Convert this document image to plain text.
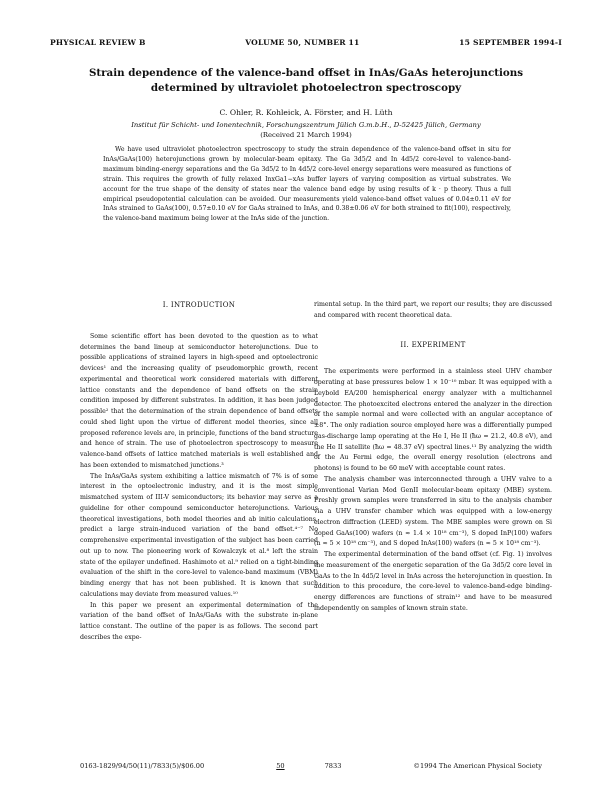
PHYSICAL REVIEW B	VOLUME 50, NUMBER 11	15 SEPTEMBER 1994-I
Strain dependence of the valence-band offset in InAs/GaAs heterojunctions
determined by ultraviolet photoelectron spectroscopy
C. Ohler, R. Kohleick, A. Förster, and H. Lüth
Institut für Schicht- und Ionentechnik, Forschungszentrum Jülich G.m.b.H., D-52425 Jülich, Germany
(Received 21 March 1994)

We have used ultraviolet photoelectron spectroscopy to study the strain dependence of the valence-band offset in situ for InAs/GaAs(100) heterojunctions grown by molecular-beam epitaxy. The Ga 3d5/2 and In 4d5/2 core-level to valence-band-maximum binding-energy separations and the Ga 3d5/2 to In 4d5/2 core-level energy separations were measured as functions of strain. This requires the growth of fully relaxed InxGa1−xAs buffer layers of varying composition as virtual substrates. We account for the true shape of the density of states near the valence band edge by using results of k · p theory. Thus a full empirical pseudopotential calculation can be avoided. Our measurements yield valence-band offset values of 0.04±0.11 eV for InAs strained to GaAs(100), 0.57±0.10 eV for GaAs strained to InAs, and 0.38±0.06 eV for both strained to fit(100), respectively, the valence-band maximum being lower at the InAs side of the junction.

I. INTRODUCTION

Some scientific effort has been devoted to the question as to what determines the band lineup at semiconductor heterojunctions. Due to possible applications of strained layers in high-speed and optoelectronic devices¹ and the increasing quality of pseudomorphic growth, recent experimental and theoretical work considered materials with different lattice constants and the dependence of band offsets on the strain condition imposed by different substrates. In addition, it has been judged possible² that the determination of the strain dependence of band offsets could shed light upon the virtue of different model theories, since all proposed reference levels are, in principle, functions of the band structure and hence of strain. The use of photoelectron spectroscopy to measure valence-band offsets of lattice matched materials is well established and has been extended to mismatched junctions.³

The InAs/GaAs system exhibiting a lattice mismatch of 7% is of some interest in the optoelectronic industry, and it is the most simple mismatched system of III-V semiconductors; its behavior may serve as a guideline for other compound semiconductor heterojunctions. Various theoretical investigations, both model theories and ab initio calculations, predict a large strain-induced variation of the band offset.⁴⁻⁷ No comprehensive experimental investigation of the subject has been carried out up to now. The pioneering work of Kowalczyk et al.⁸ left the strain state of the epilayer undefined. Hashimoto et al.⁹ relied on a tight-binding evaluation of the shift in the core-level to valence-band maximum (VBM) binding energy that has not been published. It is known that such calculations may deviate from measured values.¹⁰

In this paper we present an experimental determination of the variation of the band offset of InAs/GaAs with the substrate in-plane lattice constant. The outline of the paper is as follows. The second part describes the expe-

rimental setup. In the third part, we report our results; they are discussed and compared with recent theoretical data.

II. EXPERIMENT

The experiments were performed in a stainless steel UHV chamber operating at base pressures below 1 × 10⁻¹⁰ mbar. It was equipped with a Leybold EA/200 hemispherical energy analyzer with a multichannel detector. The photoexcited electrons entered the analyzer in the direction of the sample normal and were collected with an angular acceptance of ±8°. The only radiation source employed here was a differentially pumped gas-discharge lamp operating at the He I, He II (ħω = 21.2, 40.8 eV), and the He II satellite (ħω = 48.37 eV) spectral lines.¹¹ By analyzing the width of the Au Fermi edge, the overall energy resolution (electrons and photons) is found to be 60 meV with acceptable count rates.

The analysis chamber was interconnected through a UHV valve to a conventional Varian Mod GenII molecular-beam epitaxy (MBE) system. Freshly grown samples were transferred in situ to the analysis chamber via a UHV transfer chamber which was equipped with a low-energy electron diffraction (LEED) system. The MBE samples were grown on Si doped GaAs(100) wafers (n ≈ 1.4 × 10¹⁸ cm⁻³), S doped InP(100) wafers (n ≈ 5 × 10¹⁸ cm⁻³), and S doped InAs(100) wafers (n ≈ 5 × 10¹⁸ cm⁻³).

The experimental determination of the band offset (cf. Fig. 1) involves the measurement of the energetic separation of the Ga 3d5/2 core level in GaAs to the In 4d5/2 level in InAs across the heterojunction in question. In addition to this procedure, the core-level to valence-band-edge binding-energy differences are functions of strain¹² and have to be measured independently on samples of known strain state.

0163-1829/94/50(11)/7833(5)/$06.00	50	7833	©1994 The American Physical Society
